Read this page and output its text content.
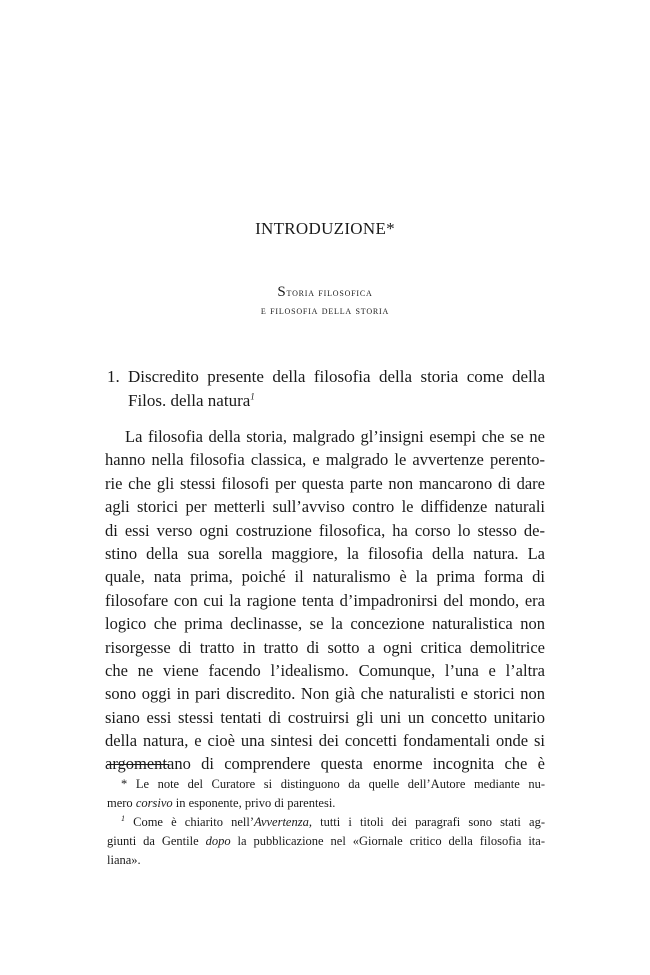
INTRODUZIONE*
Storia filosofica
e filosofia della storia
1. Discredito presente della filosofia della storia come della
Filos. della natura$^1$
La filosofia della storia, malgrado gl’insigni esempi che se ne
hanno nella filosofia classica, e malgrado le avvertenze perento-
rie che gli stessi filosofi per questa parte non mancarono di dare
agli storici per metterli sull’avviso contro le diffidenze naturali
di essi verso ogni costruzione filosofica, ha corso lo stesso de-
stino della sua sorella maggiore, la filosofia della natura. La
quale, nata prima, poiché il naturalismo è la prima forma di
filosofare con cui la ragione tenta d’impadronirsi del mondo, era
logico che prima declinasse, se la concezione naturalistica non
risorgesse di tratto in tratto di sotto a ogni critica demolitrice
che ne viene facendo l’idealismo. Comunque, l’una e l’altra
sono oggi in pari discredito. Non già che naturalisti e storici non
siano essi stessi tentati di costruirsi gli uni un concetto unitario
della natura, e cioè una sintesi dei concetti fondamentali onde si
argomentano di comprendere questa enorme incognita che è
* Le note del Curatore si distinguono da quelle dell’Autore mediante nu-
mero corsivo in esponente, privo di parentesi.
$^1$ Come è chiarito nell’Avvertenza, tutti i titoli dei paragrafi sono stati ag-
giunti da Gentile dopo la pubblicazione nel «Giornale critico della filosofia ita-
liana».
